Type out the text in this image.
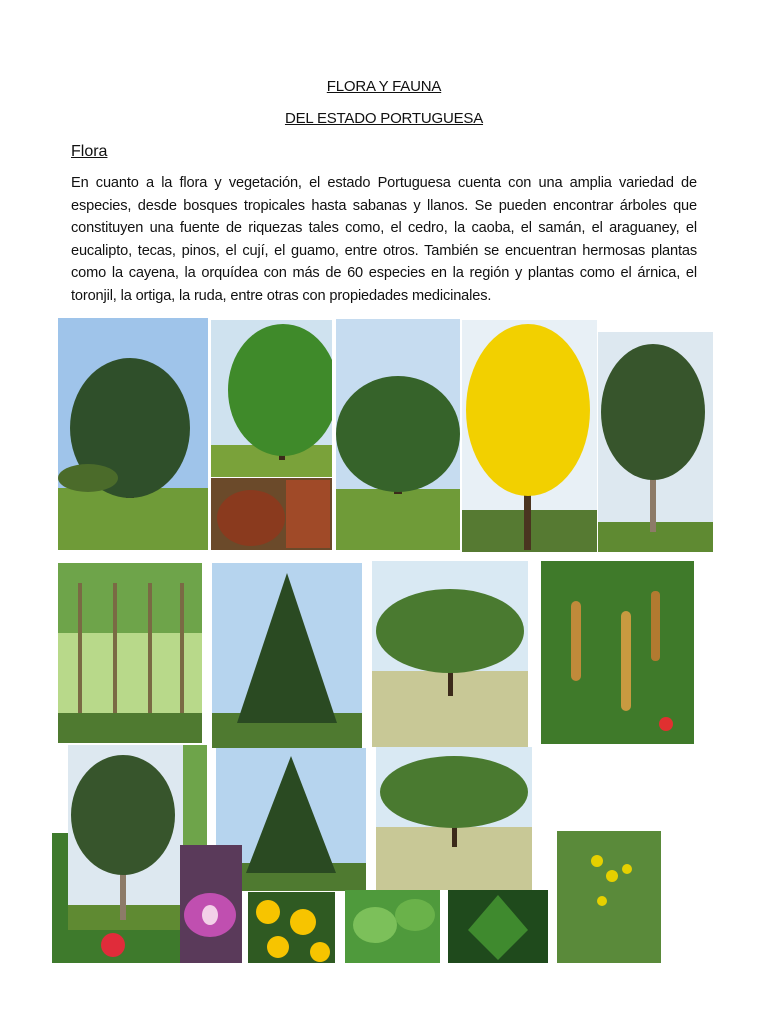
FLORA Y FAUNA
DEL ESTADO PORTUGUESA
Flora

En cuanto a la flora y vegetación, el estado Portuguesa cuenta con una amplia variedad de especies, desde bosques tropicales hasta sabanas y llanos. Se pueden encontrar árboles que constituyen una fuente de riquezas tales como, el cedro, la caoba, el samán, el araguaney, el eucalipto, tecas, pinos, el cují, el guamo, entre otros. También se encuentran hermosas plantas como la cayena, la orquídea con más de 60 especies en la región y plantas como el árnica, el toronjil, la ortiga, la ruda, entre otras con propiedades medicinales.
